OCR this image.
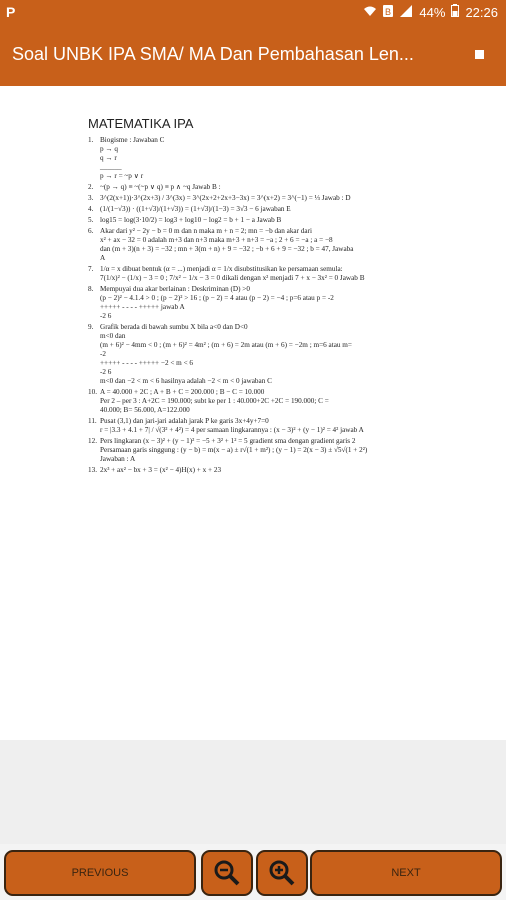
P	B 44% 22:26
Soal UNBK IPA SMA/ MA Dan Pembahasan Len...
MATEMATIKA IPA
1. Biogisme : Jawaban C
p → q
q → r
______
p → r = ~p ∨ r
2. ~(p → q) ≡ ~(~p ∨ q) ≡ p ∧ ~q Jawab B :
3. 3^(2(x+1))·3^(2x+3) / 3^(3x) = 3^(2x+2+2x+3−3x) = 3^(x+2) = 3^(−1) = ⅓ Jawab : D
4. (1/(1−√3)) · ((1+√3)/(1+√3)) = (1+√3)/(1−3) = 3√3 − 6 jawaban E
5. log15 = log(3·10/2) = log3 + log10 − log2 = b + 1 − a Jawab B
6. Akar dari y² − 2y − b = 0 m dan n maka m + n = 2; mn = −b dan akar dari
x² + ax − 32 = 0 adalah m+3 dan n+3 maka m+3 + n+3 = −a ; 2 + 6 = −a ; a = −8
dan (m + 3)(n + 3) = −32 ; mn + 3(m + n) + 9 = −32 ; −b + 6 + 9 = −32 ; b = 47, Jawaba
A
7. 1/α = x dibuat bentuk (α = ...) menjadi α = 1/x disubstitusikan ke persamaan semula:
7(1/x)² − (1/x) − 3 = 0 ; 7/x² − 1/x − 3 = 0 dikali dengan x² menjadi 7 + x − 3x² = 0 Jawab B
8. Mempuyai dua akar berlainan : Deskriminan (D) >0
(p − 2)² − 4.1.4 > 0 ; (p − 2)² > 16 ; (p − 2) = 4 atau (p − 2) = −4 ; p=6 atau p = -2
+++++ - - - - +++++ jawab A
-2 6
9. Grafik berada di bawah sumbu X bila a<0 dan D<0
m<0 dan
(m + 6)² − 4mm < 0 ; (m + 6)² = 4m² ; (m + 6) = 2m atau (m + 6) = −2m ; m=6 atau m=
-2
+++++ - - - - +++++ −2 < m < 6
-2 6
m<0 dan −2 < m < 6 hasilnya adalah −2 < m < 0 jawaban C
10. A = 40.000 + 2C ; A + B + C = 200.000 ; B − C = 10.000
Per 2 – per 3 : A+2C = 190.000; subt ke per 1 : 40.000+2C +2C = 190.000; C =
40.000; B= 56.000, A=122.000
11. Pusat (3,1) dan jari-jari adalah jarak P ke garis 3x+4y+7=0
r = |3.3 + 4.1 + 7| / √(3² + 4²) = 4 per samaan lingkarannya : (x − 3)² + (y − 1)² = 4² jawab A
12. Pers lingkaran (x − 3)² + (y − 1)² = −5 + 3² + 1² = 5 gradient sma dengan gradient garis 2
Persamaan garis singgung : (y − b) = m(x − a) ± r√(1 + m²) ; (y − 1) = 2(x − 3) ± √5√(1 + 2²)
Jawaban : A
13. 2x³ + ax² − bx + 3 = (x² − 4)H(x) + x + 23
PREVIOUS	NEXT
